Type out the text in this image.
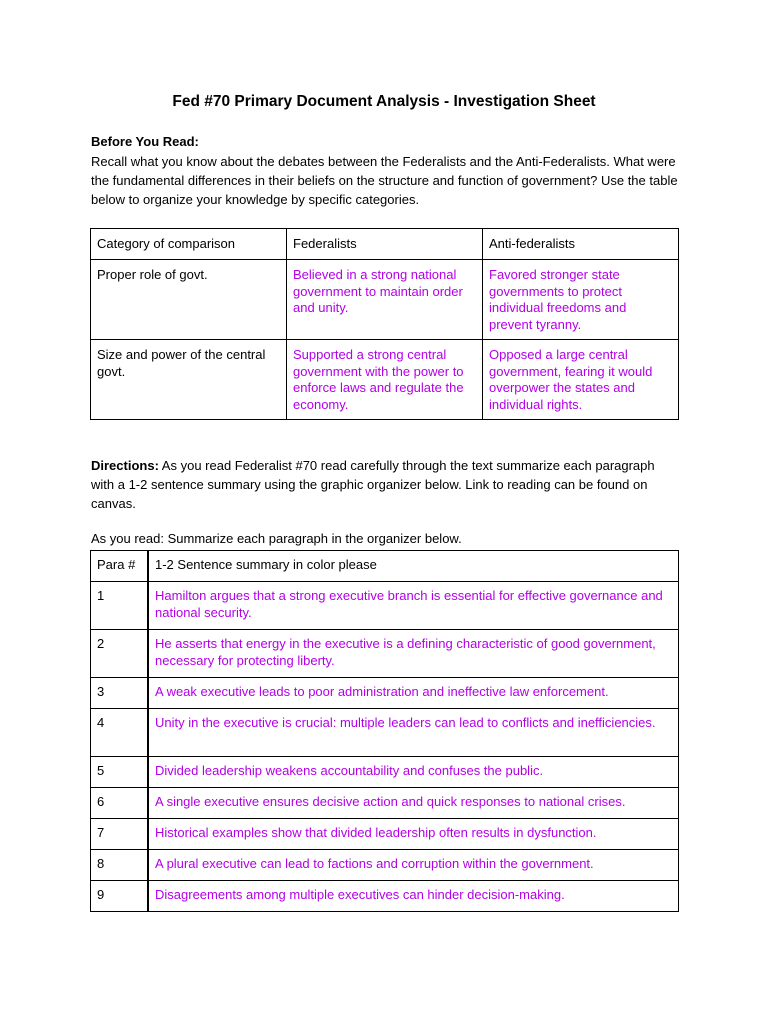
Fed #70 Primary Document Analysis - Investigation Sheet
Before You Read:
Recall what you know about the debates between the Federalists and the Anti-Federalists. What were the fundamental differences in their beliefs on the structure and function of government? Use the table below to organize your knowledge by specific categories.
Category of comparison	Federalists	Anti-federalists
Proper role of govt.	Believed in a strong national government to maintain order and unity.	Favored stronger state governments to protect individual freedoms and prevent tyranny.
Size and power of the central govt.	Supported a strong central government with the power to enforce laws and regulate the economy.	Opposed a large central government, fearing it would overpower the states and individual rights.
Directions: As you read Federalist #70 read carefully through the text summarize each paragraph with a 1-2 sentence summary using the graphic organizer below. Link to reading can be found on canvas.
As you read: Summarize each paragraph in the organizer below.
Para #	1-2 Sentence summary in color please
1	Hamilton argues that a strong executive branch is essential for effective governance and national security.
2	He asserts that energy in the executive is a defining characteristic of good government, necessary for protecting liberty.
3	A weak executive leads to poor administration and ineffective law enforcement.
4	Unity in the executive is crucial: multiple leaders can lead to conflicts and inefficiencies.
5	Divided leadership weakens accountability and confuses the public.
6	A single executive ensures decisive action and quick responses to national crises.
7	Historical examples show that divided leadership often results in dysfunction.
8	A plural executive can lead to factions and corruption within the government.
9	Disagreements among multiple executives can hinder decision-making.
